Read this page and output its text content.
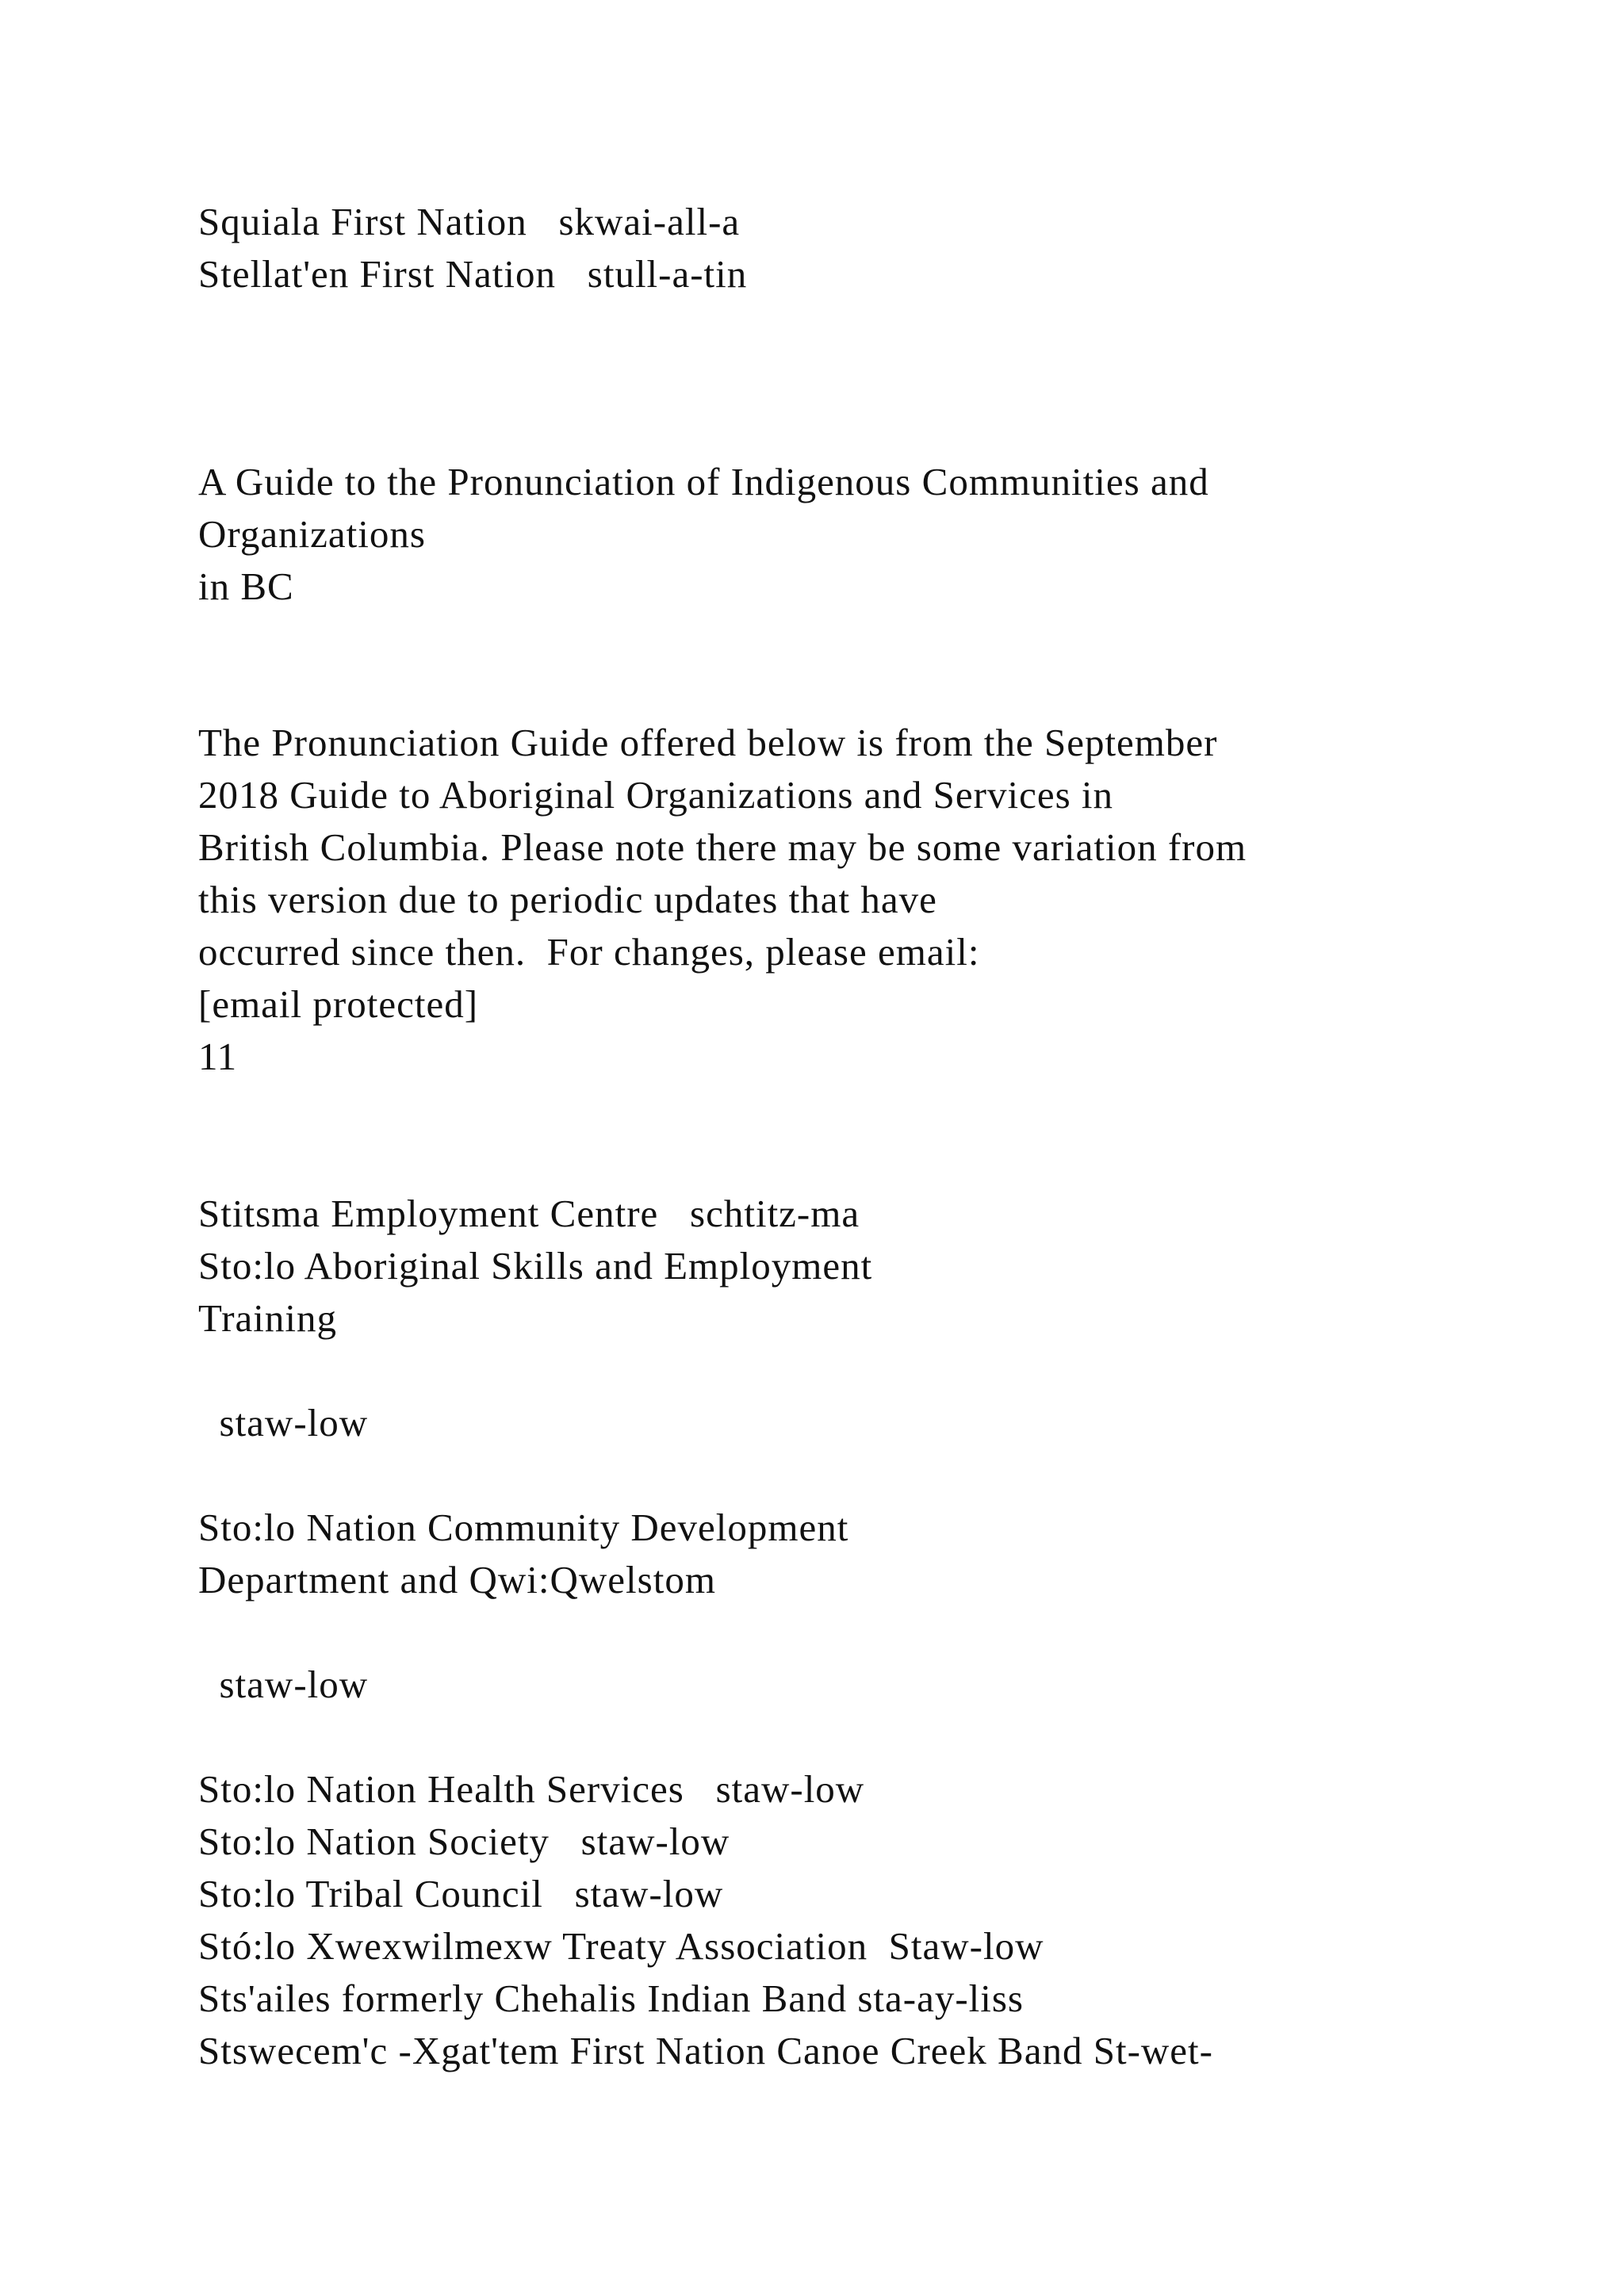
Squiala First Nation   skwai-all-a
Stellat'en First Nation   stull-a-tin
A Guide to the Pronunciation of Indigenous Communities and
Organizations
in BC
The Pronunciation Guide offered below is from the September
2018 Guide to Aboriginal Organizations and Services in
British Columbia. Please note there may be some variation from
this version due to periodic updates that have
occurred since then.  For changes, please email:
[email protected]
11
Stitsma Employment Centre   schtitz-ma
Sto:lo Aboriginal Skills and Employment
Training
staw-low
Sto:lo Nation Community Development
Department and Qwi:Qwelstom
staw-low
Sto:lo Nation Health Services   staw-low
Sto:lo Nation Society   staw-low
Sto:lo Tribal Council   staw-low
Stó:lo Xwexwilmexw Treaty Association  Staw-low
Sts'ailes formerly Chehalis Indian Band sta-ay-liss
Stswecem'c -Xgat'tem First Nation Canoe Creek Band St-wet-
